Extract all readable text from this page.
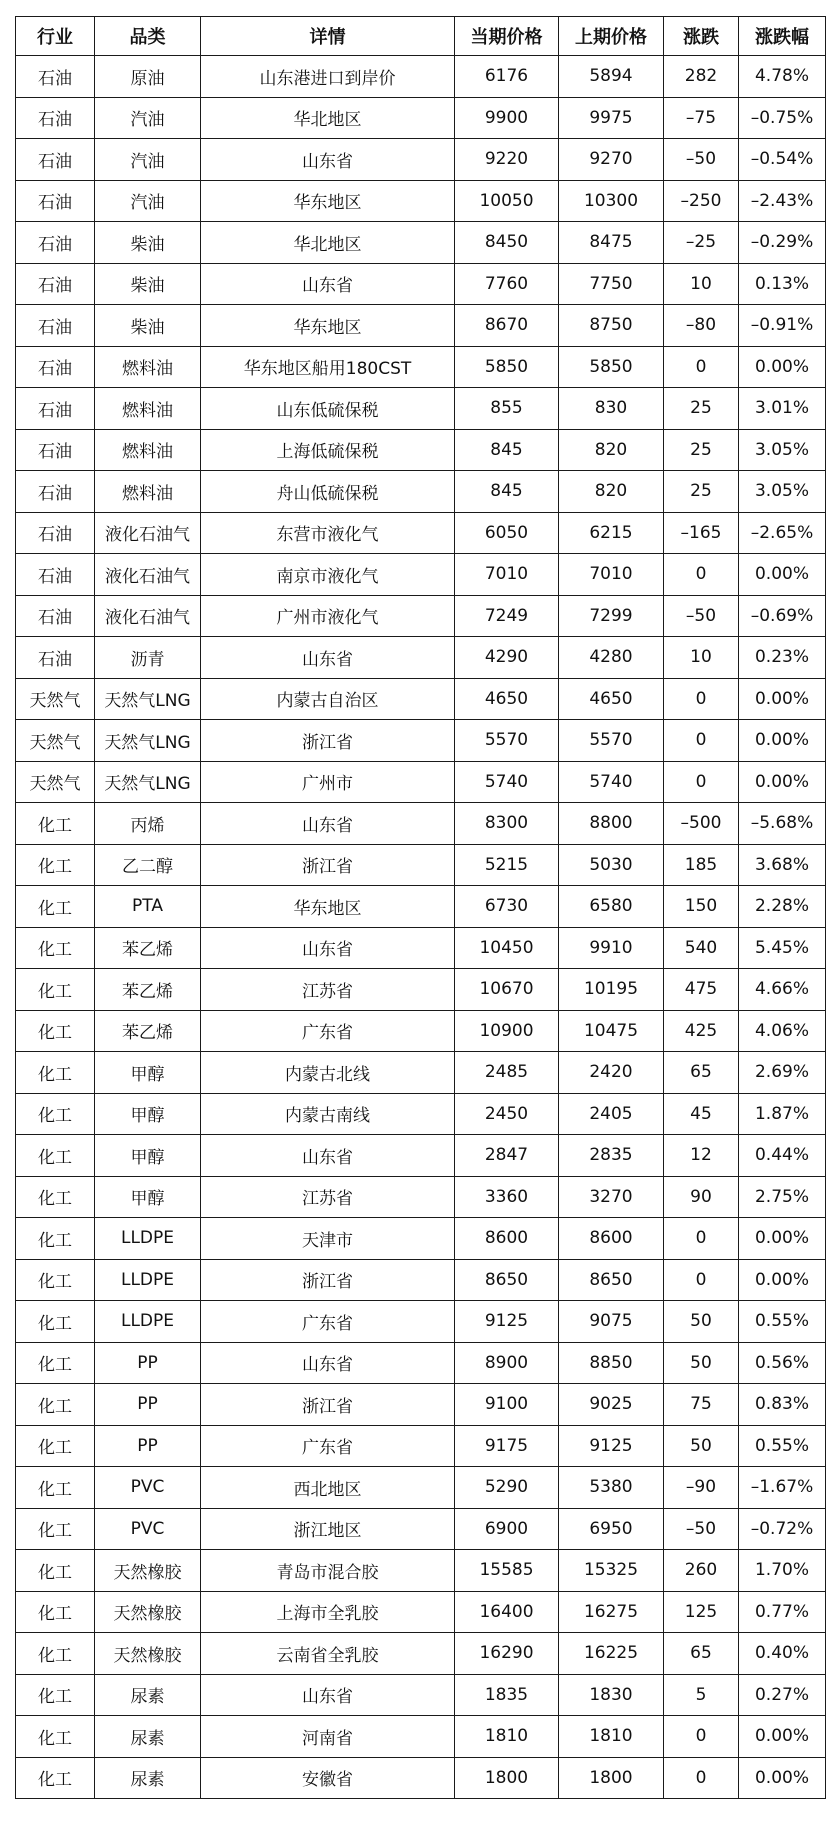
行业	品类	详情	当期价格	上期价格	涨跌	涨跌幅
石油	原油	山东港进口到岸价	6176	5894	282	4.78%
石油	汽油	华北地区	9900	9975	–75	–0.75%
石油	汽油	山东省	9220	9270	–50	–0.54%
石油	汽油	华东地区	10050	10300	–250	–2.43%
石油	柴油	华北地区	8450	8475	–25	–0.29%
石油	柴油	山东省	7760	7750	10	0.13%
石油	柴油	华东地区	8670	8750	–80	–0.91%
石油	燃料油	华东地区船用180CST	5850	5850	0	0.00%
石油	燃料油	山东低硫保税	855	830	25	3.01%
石油	燃料油	上海低硫保税	845	820	25	3.05%
石油	燃料油	舟山低硫保税	845	820	25	3.05%
石油	液化石油气	东营市液化气	6050	6215	–165	–2.65%
石油	液化石油气	南京市液化气	7010	7010	0	0.00%
石油	液化石油气	广州市液化气	7249	7299	–50	–0.69%
石油	沥青	山东省	4290	4280	10	0.23%
天然气	天然气LNG	内蒙古自治区	4650	4650	0	0.00%
天然气	天然气LNG	浙江省	5570	5570	0	0.00%
天然气	天然气LNG	广州市	5740	5740	0	0.00%
化工	丙烯	山东省	8300	8800	–500	–5.68%
化工	乙二醇	浙江省	5215	5030	185	3.68%
化工	PTA	华东地区	6730	6580	150	2.28%
化工	苯乙烯	山东省	10450	9910	540	5.45%
化工	苯乙烯	江苏省	10670	10195	475	4.66%
化工	苯乙烯	广东省	10900	10475	425	4.06%
化工	甲醇	内蒙古北线	2485	2420	65	2.69%
化工	甲醇	内蒙古南线	2450	2405	45	1.87%
化工	甲醇	山东省	2847	2835	12	0.44%
化工	甲醇	江苏省	3360	3270	90	2.75%
化工	LLDPE	天津市	8600	8600	0	0.00%
化工	LLDPE	浙江省	8650	8650	0	0.00%
化工	LLDPE	广东省	9125	9075	50	0.55%
化工	PP	山东省	8900	8850	50	0.56%
化工	PP	浙江省	9100	9025	75	0.83%
化工	PP	广东省	9175	9125	50	0.55%
化工	PVC	西北地区	5290	5380	–90	–1.67%
化工	PVC	浙江地区	6900	6950	–50	–0.72%
化工	天然橡胶	青岛市混合胶	15585	15325	260	1.70%
化工	天然橡胶	上海市全乳胶	16400	16275	125	0.77%
化工	天然橡胶	云南省全乳胶	16290	16225	65	0.40%
化工	尿素	山东省	1835	1830	5	0.27%
化工	尿素	河南省	1810	1810	0	0.00%
化工	尿素	安徽省	1800	1800	0	0.00%
